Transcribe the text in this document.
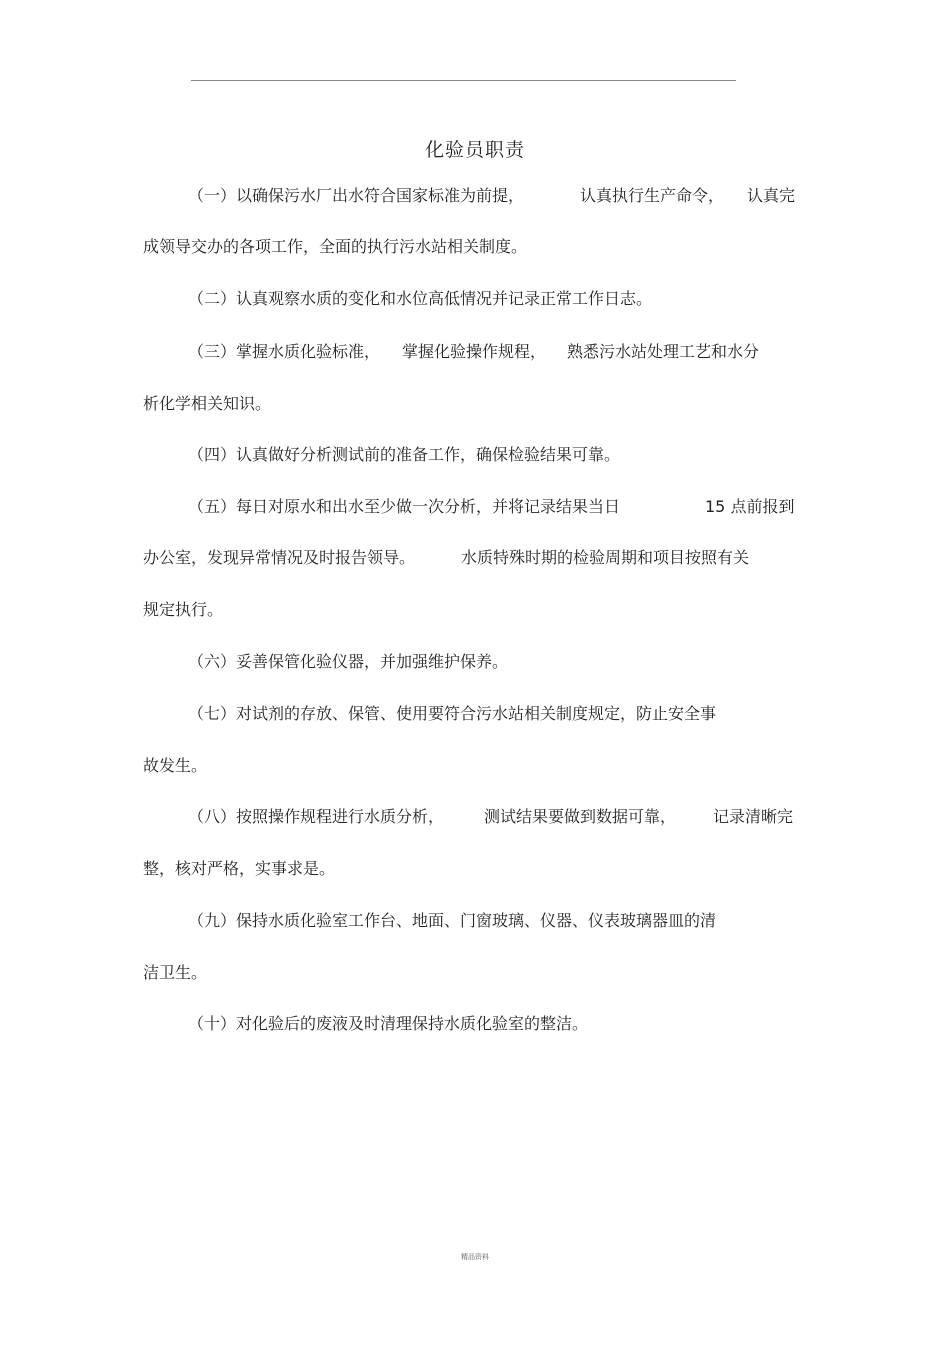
化验员职责
（一）以确保污水厂出水符合国家标准为前提，	认真执行生产命令， 认真完
成领导交办的各项工作，全面的执行污水站相关制度。
（二）认真观察水质的变化和水位高低情况并记录正常工作日志。
（三）掌握水质化验标准， 掌握化验操作规程， 熟悉污水站处理工艺和水分
析化学相关知识。
（四）认真做好分析测试前的准备工作，确保检验结果可靠。
（五）每日对原水和出水至少做一次分析，并将记录结果当日	15 点前报到
办公室，发现异常情况及时报告领导。	水质特殊时期的检验周期和项目按照有关
规定执行。
（六）妥善保管化验仪器，并加强维护保养。
（七）对试剂的存放、保管、使用要符合污水站相关制度规定，防止安全事
故发生。
（八）按照操作规程进行水质分析， 测试结果要做到数据可靠， 记录清晰完
整，核对严格，实事求是。
（九）保持水质化验室工作台、地面、门窗玻璃、仪器、仪表玻璃器皿的清
洁卫生。
（十）对化验后的废液及时清理保持水质化验室的整洁。
精品资料
